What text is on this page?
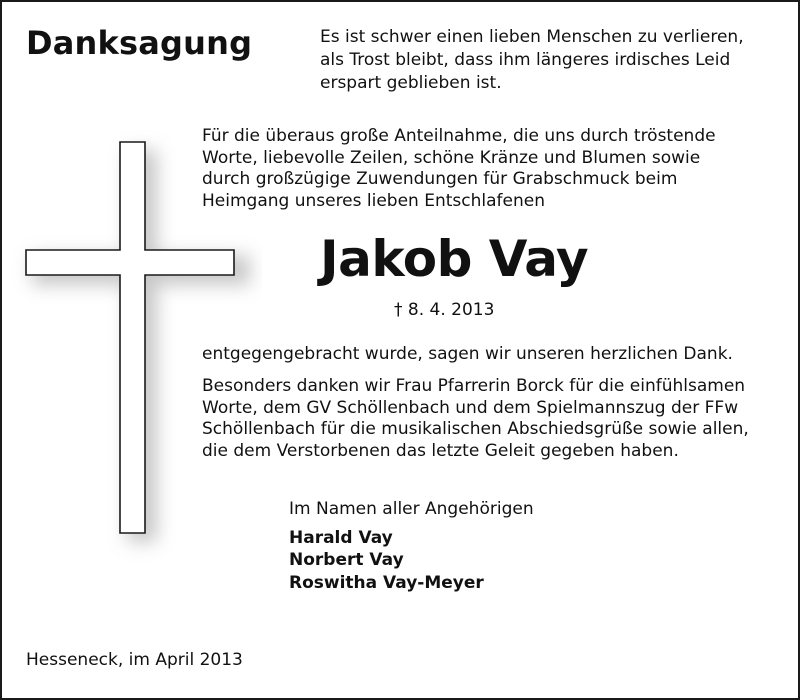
Danksagung	Es ist schwer einen lieben Menschen zu verlieren,
als Trost bleibt, dass ihm längeres irdisches Leid
erspart geblieben ist.
Für die überaus große Anteilnahme, die uns durch tröstende
Worte, liebevolle Zeilen, schöne Kränze und Blumen sowie
durch großzügige Zuwendungen für Grabschmuck beim
Heimgang unseres lieben Entschlafenen
Jakob Vay
† 8. 4. 2013
entgegengebracht wurde, sagen wir unseren herzlichen Dank.
Besonders danken wir Frau Pfarrerin Borck für die einfühlsamen
Worte, dem GV Schöllenbach und dem Spielmannszug der FFw
Schöllenbach für die musikalischen Abschiedsgrüße sowie allen,
die dem Verstorbenen das letzte Geleit gegeben haben.
Im Namen aller Angehörigen
Harald Vay
Norbert Vay
Roswitha Vay-Meyer
Hesseneck, im April 2013
